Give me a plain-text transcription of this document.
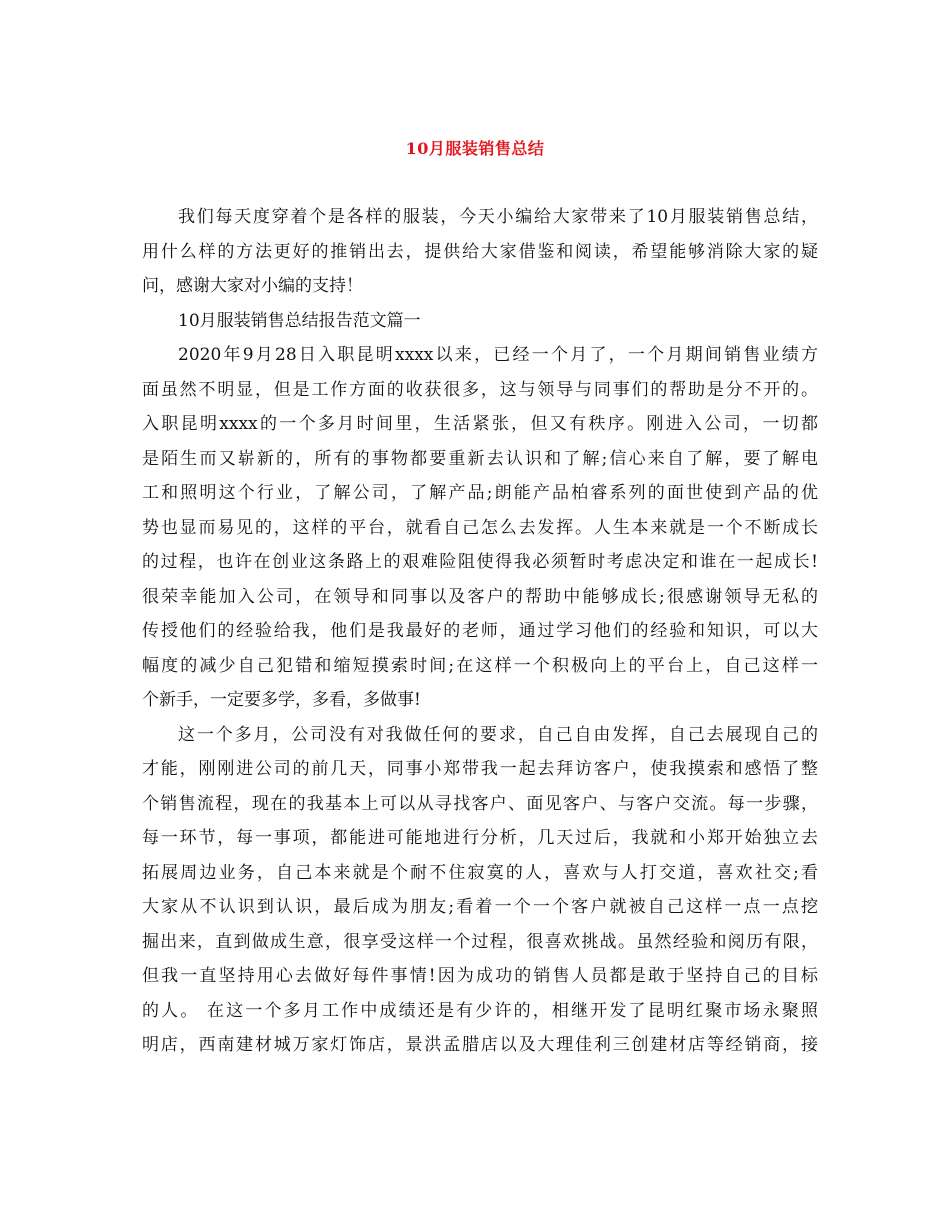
10月服装销售总结
我们每天度穿着个是各样的服装，今天小编给大家带来了10月服装销售总结，
用什么样的方法更好的推销出去，提供给大家借鉴和阅读，希望能够消除大家的疑
问，感谢大家对小编的支持！
10月服装销售总结报告范文篇一
2020年9月28日入职昆明xxxx以来，已经一个月了，一个月期间销售业绩方
面虽然不明显，但是工作方面的收获很多，这与领导与同事们的帮助是分不开的。
入职昆明xxxx的一个多月时间里，生活紧张，但又有秩序。刚进入公司，一切都
是陌生而又崭新的，所有的事物都要重新去认识和了解;信心来自了解，要了解电
工和照明这个行业，了解公司，了解产品;朗能产品柏睿系列的面世使到产品的优
势也显而易见的，这样的平台，就看自己怎么去发挥。人生本来就是一个不断成长
的过程，也许在创业这条路上的艰难险阻使得我必须暂时考虑决定和谁在一起成长!
很荣幸能加入公司，在领导和同事以及客户的帮助中能够成长;很感谢领导无私的
传授他们的经验给我，他们是我最好的老师，通过学习他们的经验和知识，可以大
幅度的减少自己犯错和缩短摸索时间;在这样一个积极向上的平台上，自己这样一
个新手，一定要多学，多看，多做事!
这一个多月，公司没有对我做任何的要求，自己自由发挥，自己去展现自己的
才能，刚刚进公司的前几天，同事小郑带我一起去拜访客户，使我摸索和感悟了整
个销售流程，现在的我基本上可以从寻找客户、面见客户、与客户交流。每一步骤，
每一环节，每一事项，都能进可能地进行分析，几天过后，我就和小郑开始独立去
拓展周边业务，自己本来就是个耐不住寂寞的人，喜欢与人打交道，喜欢社交;看
大家从不认识到认识，最后成为朋友;看着一个一个客户就被自己这样一点一点挖
掘出来，直到做成生意，很享受这样一个过程，很喜欢挑战。虽然经验和阅历有限，
但我一直坚持用心去做好每件事情!因为成功的销售人员都是敢于坚持自己的目标
的人。 在这一个多月工作中成绩还是有少许的，相继开发了昆明红聚市场永聚照
明店，西南建材城万家灯饰店，景洪孟腊店以及大理佳利三创建材店等经销商，接
